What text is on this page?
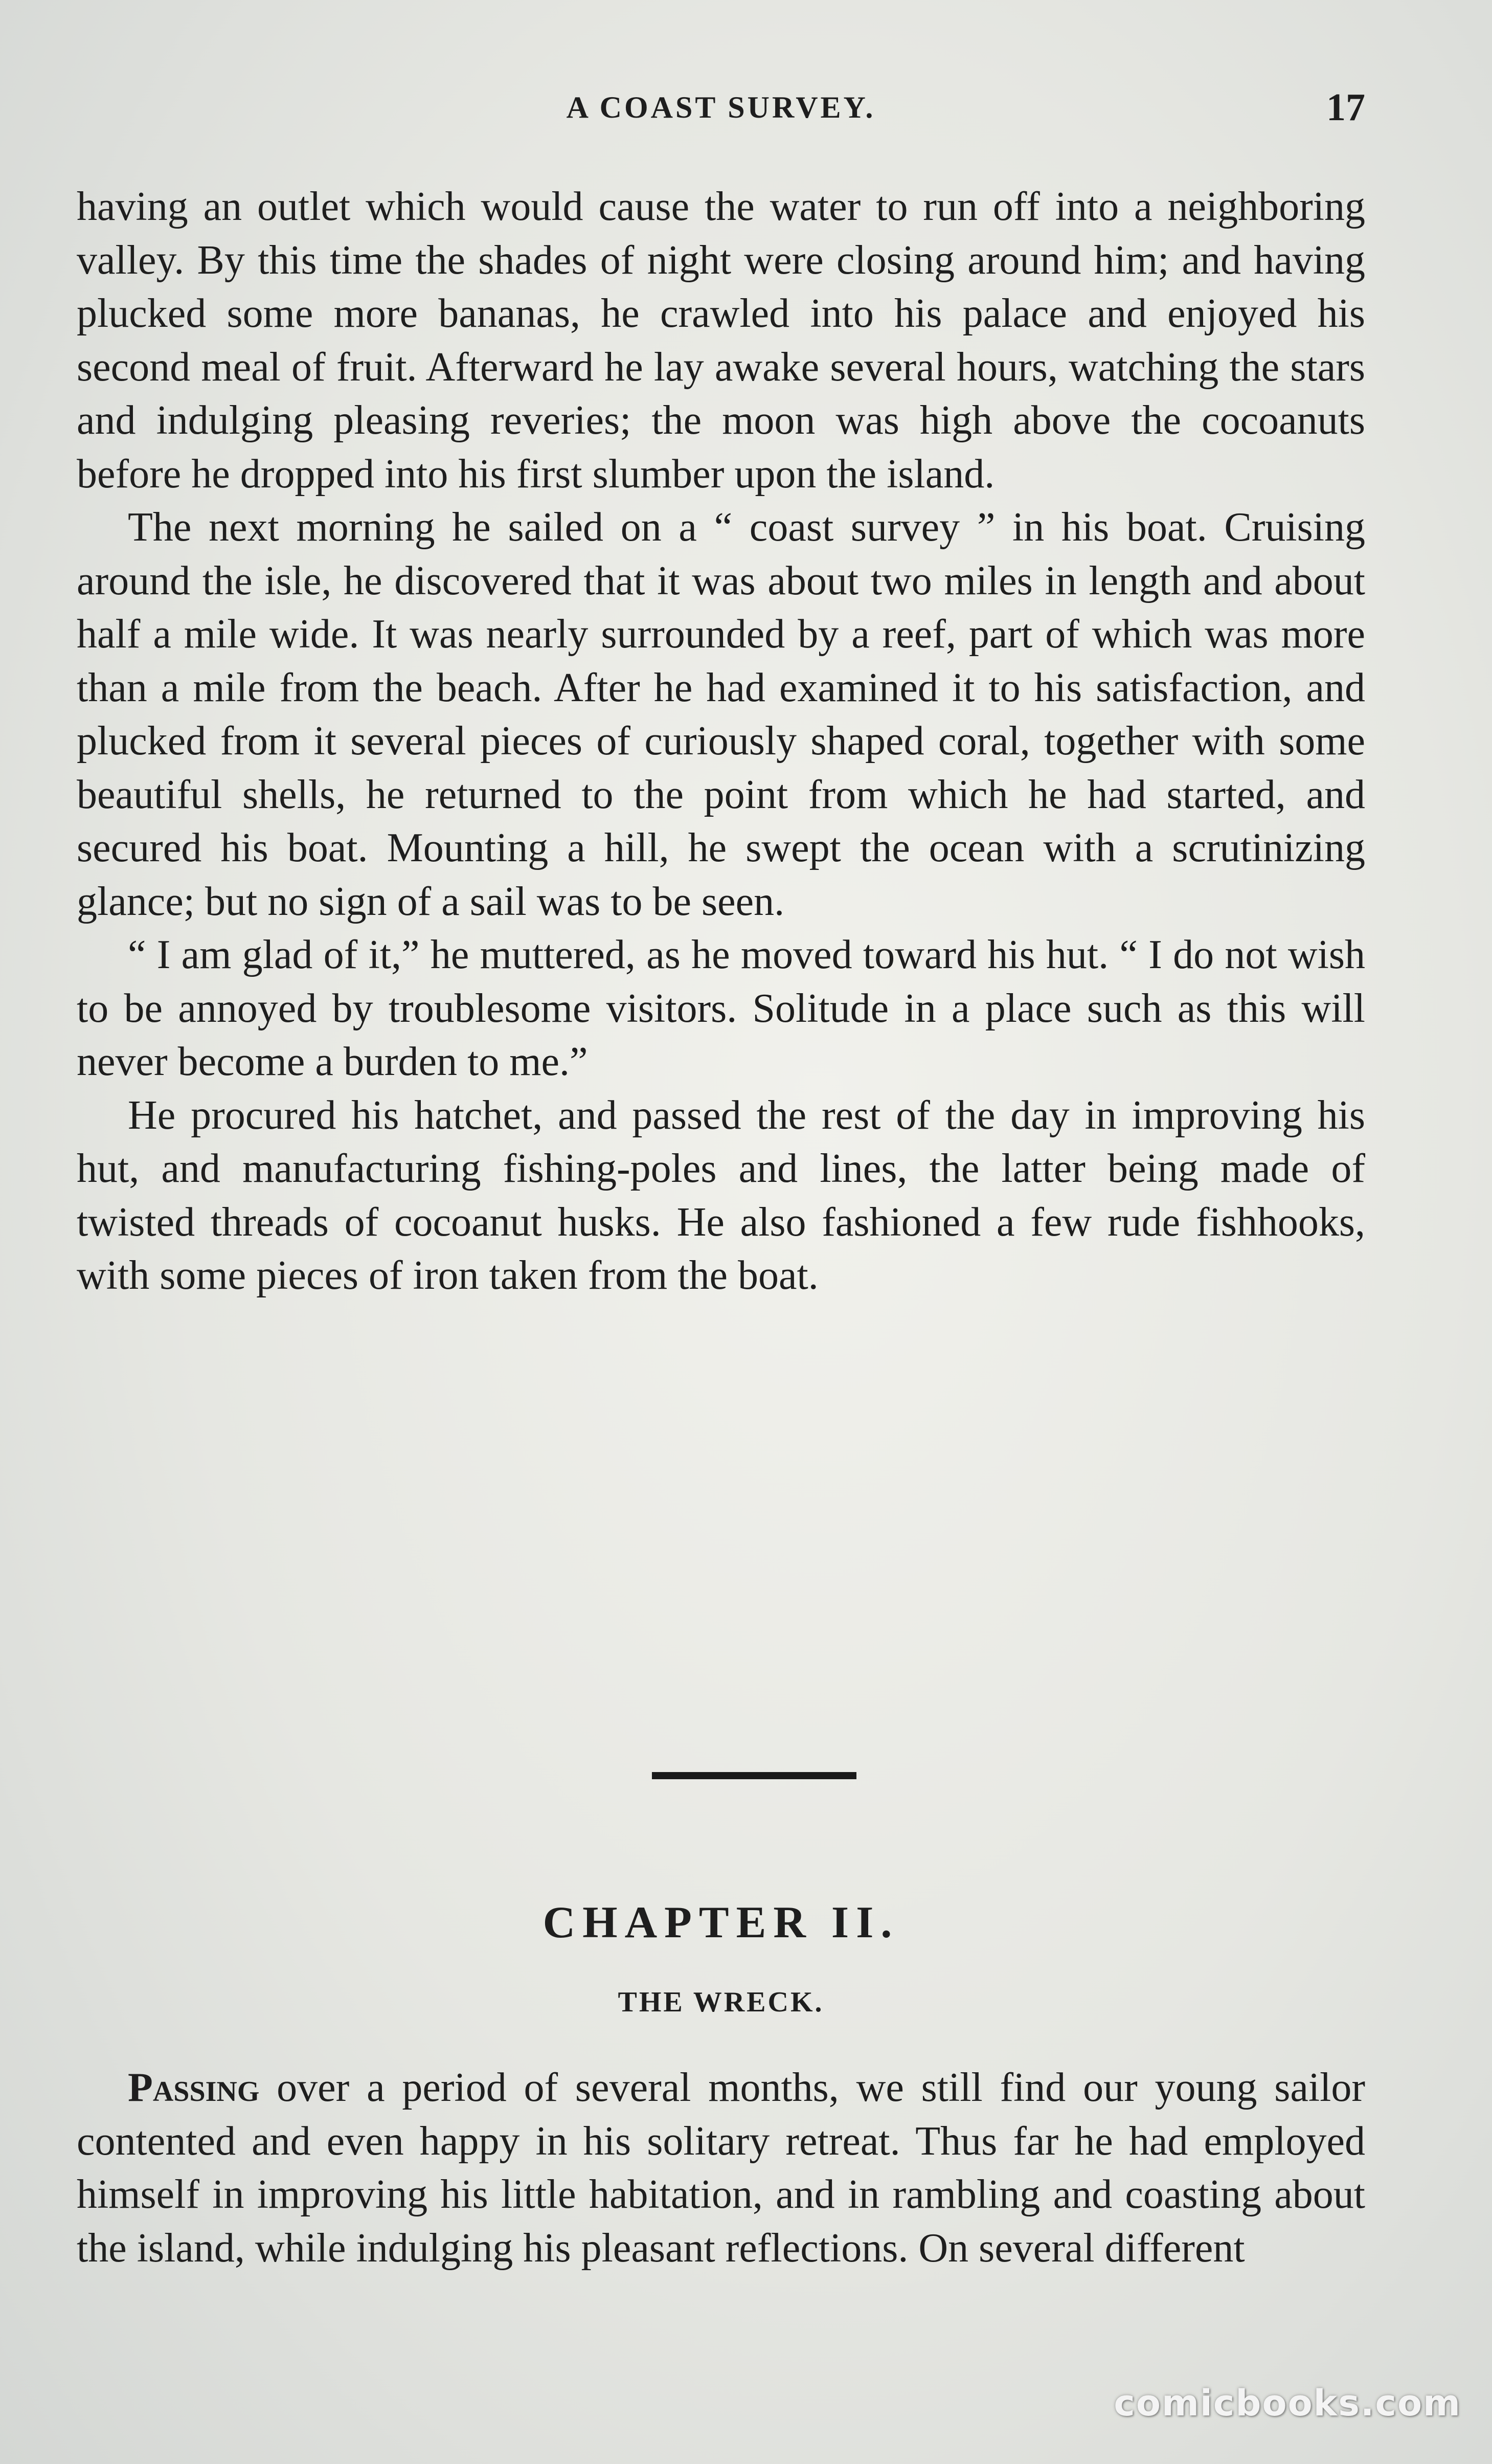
A COAST SURVEY.	17

having an outlet which would cause the water to run off into a neighboring valley. By this time the shades of night were closing around him; and having plucked some more bananas, he crawled into his palace and enjoyed his second meal of fruit. Afterward he lay awake several hours, watching the stars and indulging pleasing reveries; the moon was high above the cocoanuts before he dropped into his first slumber upon the island.

The next morning he sailed on a “ coast survey ” in his boat. Cruising around the isle, he discovered that it was about two miles in length and about half a mile wide. It was nearly surrounded by a reef, part of which was more than a mile from the beach. After he had examined it to his satisfaction, and plucked from it several pieces of curiously shaped coral, together with some beautiful shells, he returned to the point from which he had started, and secured his boat. Mounting a hill, he swept the ocean with a scrutinizing glance; but no sign of a sail was to be seen.

“ I am glad of it,” he muttered, as he moved toward his hut. “ I do not wish to be annoyed by troublesome visitors. Solitude in a place such as this will never become a burden to me.”

He procured his hatchet, and passed the rest of the day in improving his hut, and manufacturing fishing-poles and lines, the latter being made of twisted threads of cocoanut husks. He also fashioned a few rude fishhooks, with some pieces of iron taken from the boat.

CHAPTER II.
THE WRECK.

Passing over a period of several months, we still find our young sailor contented and even happy in his solitary retreat. Thus far he had employed himself in improving his little habitation, and in rambling and coasting about the island, while indulging his pleasant reflections. On several different

comicbooks.com
